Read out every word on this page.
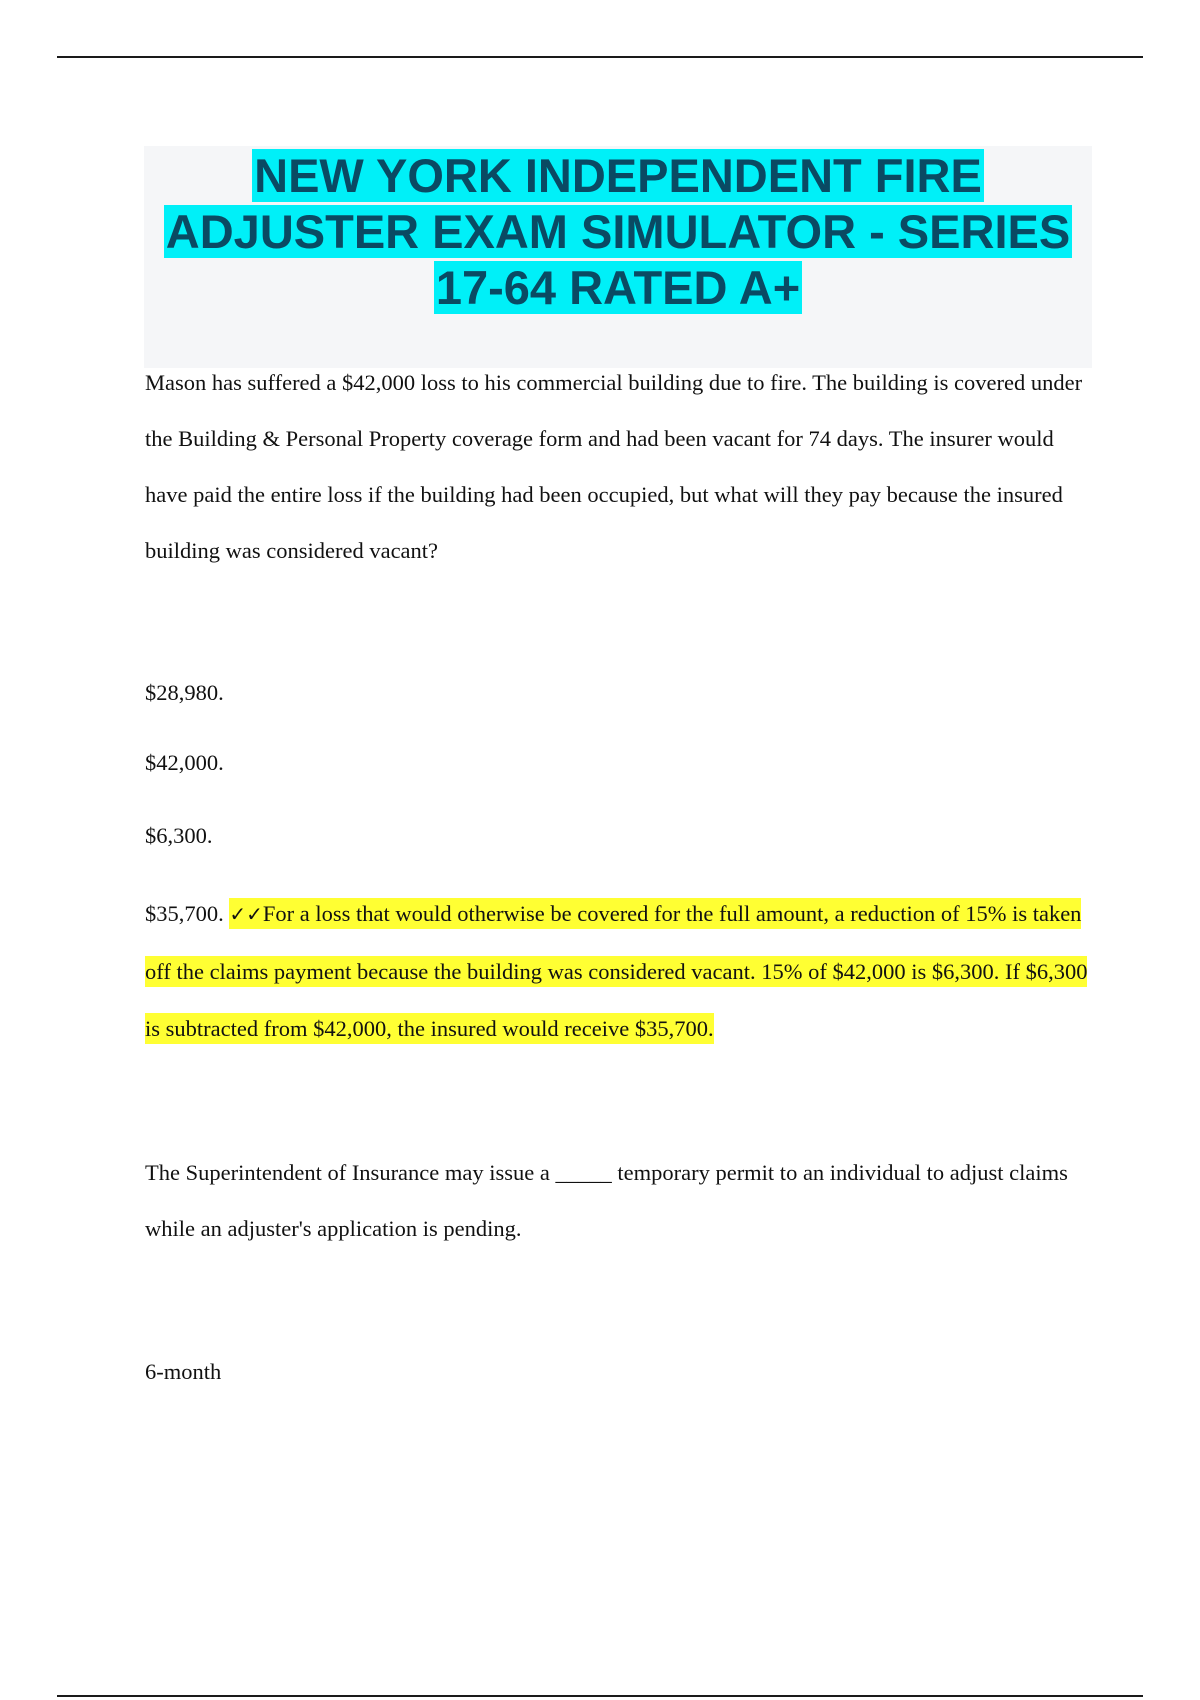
NEW YORK INDEPENDENT FIRE
ADJUSTER EXAM SIMULATOR - SERIES
17-64 RATED A+

Mason has suffered a $42,000 loss to his commercial building due to fire. The building is covered under the Building & Personal Property coverage form and had been vacant for 74 days. The insurer would have paid the entire loss if the building had been occupied, but what will they pay because the insured building was considered vacant?

$28,980.

$42,000.

$6,300.

$35,700. ✓✓For a loss that would otherwise be covered for the full amount, a reduction of 15% is taken off the claims payment because the building was considered vacant. 15% of $42,000 is $6,300. If $6,300 is subtracted from $42,000, the insured would receive $35,700.

The Superintendent of Insurance may issue a _____ temporary permit to an individual to adjust claims while an adjuster's application is pending.

6-month
